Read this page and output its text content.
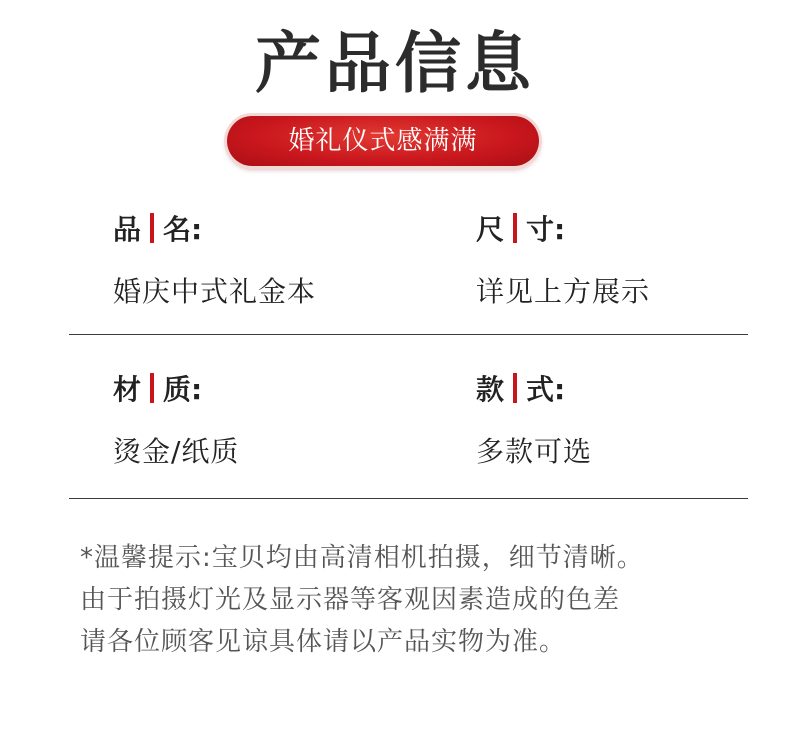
产品信息
婚礼仪式感满满
品 名:
婚庆中式礼金本
尺 寸:
详见上方展示
材 质:
烫金/纸质
款 式:
多款可选
*温馨提示:宝贝均由高清相机拍摄，细节清晰。
由于拍摄灯光及显示器等客观因素造成的色差
请各位顾客见谅具体请以产品实物为准。
